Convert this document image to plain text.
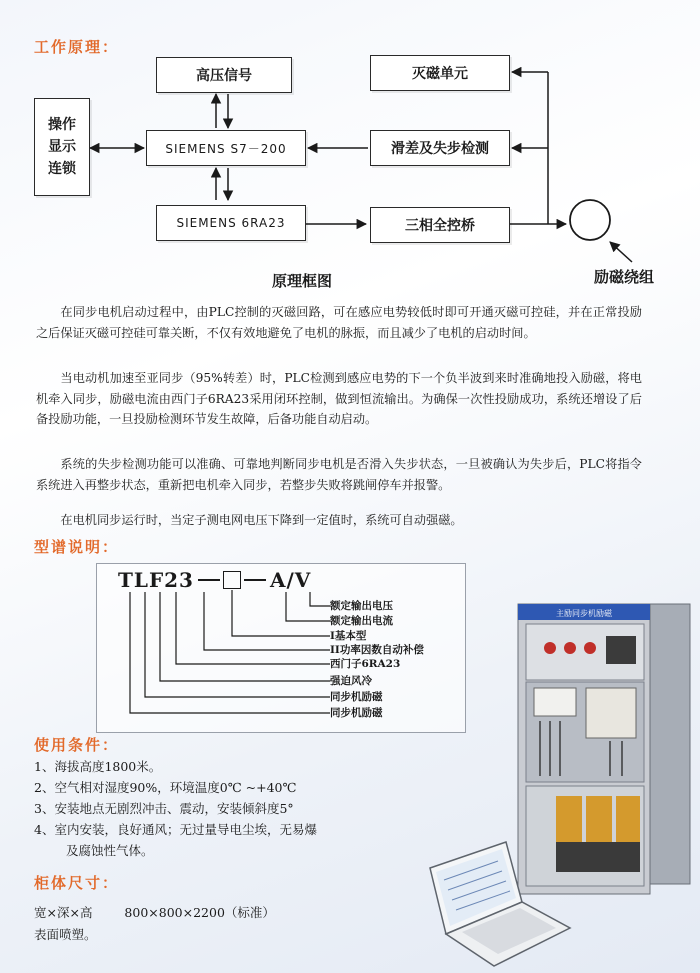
工作原理：
操作
显示
连锁
高压信号
SIEMENS S7－200
SIEMENS 6RA23
灭磁单元
滑差及失步检测
三相全控桥
励磁绕组
原理框图

在同步电机启动过程中，由PLC控制的灭磁回路，可在感应电势较低时即可开通灭磁可控硅，并在正常投励之后保证灭磁可控硅可靠关断，不仅有效地避免了电机的脉振，而且减少了电机的启动时间。

当电动机加速至亚同步（95%转差）时，PLC检测到感应电势的下一个负半波到来时准确地投入励磁，将电机牵入同步，励磁电流由西门子6RA23采用闭环控制，做到恒流输出。为确保一次性投励成功，系统还增设了后备投励功能，一旦投励检测环节发生故障，后备功能自动启动。

系统的失步检测功能可以准确、可靠地判断同步电机是否滑入失步状态，一旦被确认为失步后，PLC将指令系统进入再整步状态，重新把电机牵入同步，若整步失败将跳闸停车并报警。

在电机同步运行时，当定子测电网电压下降到一定值时，系统可自动强磁。

型谱说明：
TLF23	A/V
额定输出电压
额定输出电流
I基本型
II功率因数自动补偿
西门子6RA23
强迫风冷
同步机励磁
同步机励磁
使用条件：

1、海拔高度1800米。

2、空气相对湿度90%，环境温度0℃ ~+40℃

3、安装地点无剧烈冲击、震动，安装倾斜度5°

4、室内安装，良好通风；无过量导电尘埃，无易爆

及腐蚀性气体。

柜体尺寸：

宽×深×高	800×800×2200（标准）

表面喷塑。

主励同步机励磁
